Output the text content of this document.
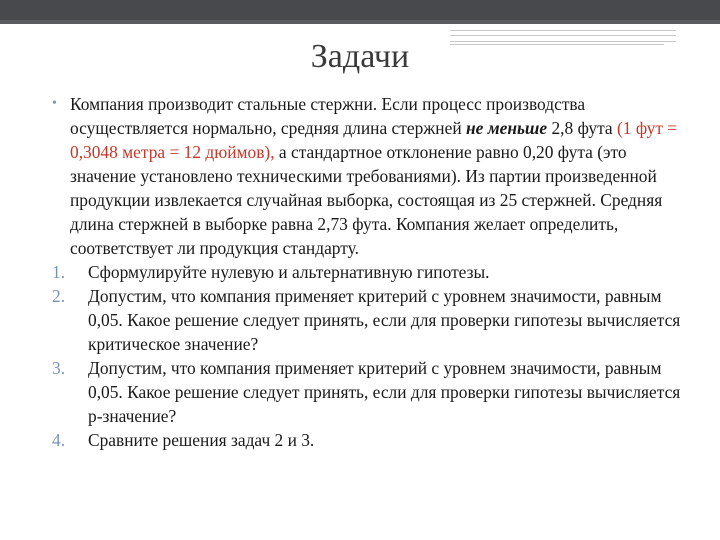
Задачи
• Компания производит стальные стержни. Если процесс производства осуществляется нормально, средняя длина стержней не меньше 2,8 фута (1 фут = 0,3048 метра = 12 дюймов), а стандартное отклонение равно 0,20 фута (это значение установлено техническими требованиями). Из партии произведенной продукции извлекается случайная выборка, состоящая из 25 стержней. Средняя длина стержней в выборке равна 2,73 фута. Компания желает определить, соответствует ли продукция стандарту.
1. Сформулируйте нулевую и альтернативную гипотезы.
2. Допустим, что компания применяет критерий с уровнем значимости, равным 0,05. Какое решение следует принять, если для проверки гипотезы вычисляется критическое значение?
3. Допустим, что компания применяет критерий с уровнем значимости, равным 0,05. Какое решение следует принять, если для проверки гипотезы вычисляется р-значение?
4. Сравните решения задач 2 и 3.
